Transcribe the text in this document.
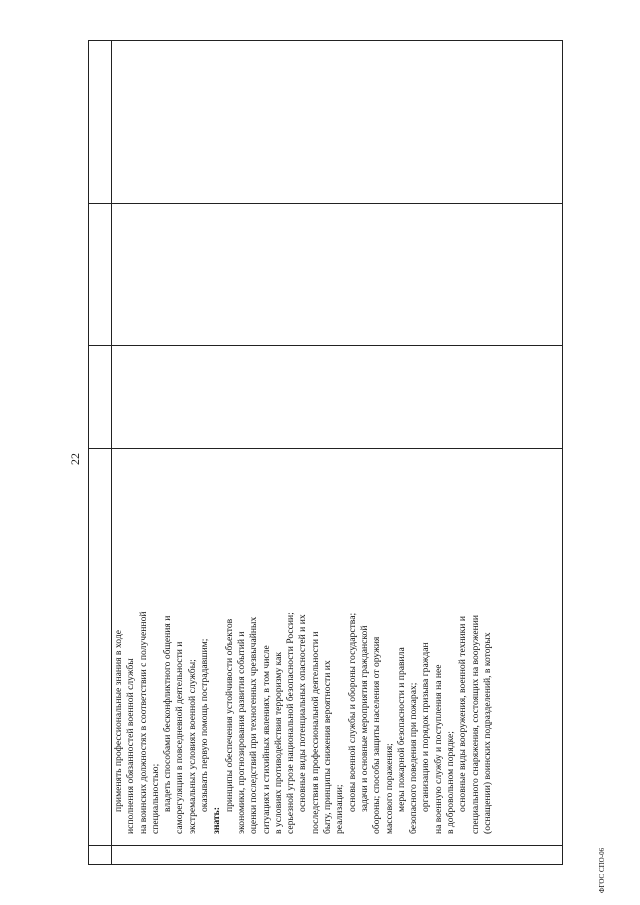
22
применять профессиональные знания в ходе исполнения обязанностей военной службы на воинских должностях в соответствии с полученной специальностью; владеть способами бесконфликтного общения и саморегуляции в повседневной деятельности и экстремальных условиях военной службы; оказывать первую помощь пострадавшим;
знать:
принципы обеспечения устойчивости объектов экономики, прогнозирования развития событий и оценки последствий при техногенных чрезвычайных ситуациях и стихийных явлениях, в том числе в условиях противодействия терроризму как серьезной угрозе национальной безопасности России; основные виды потенциальных опасностей и их последствия в профессиональной деятельности и быту, принципы снижения вероятности их реализации; основы военной службы и обороны государства; задачи и основные мероприятия гражданской обороны; способы защиты населения от оружия массового поражения; меры пожарной безопасности и правила безопасного поведения при пожарах; организацию и порядок призыва граждан на военную службу и поступления на нее в добровольном порядке; основные виды вооружения, военной техники и специального снаряжения, состоящих на вооружении (оснащении) воинских подразделений, в которых
ФГОС СПО-06
